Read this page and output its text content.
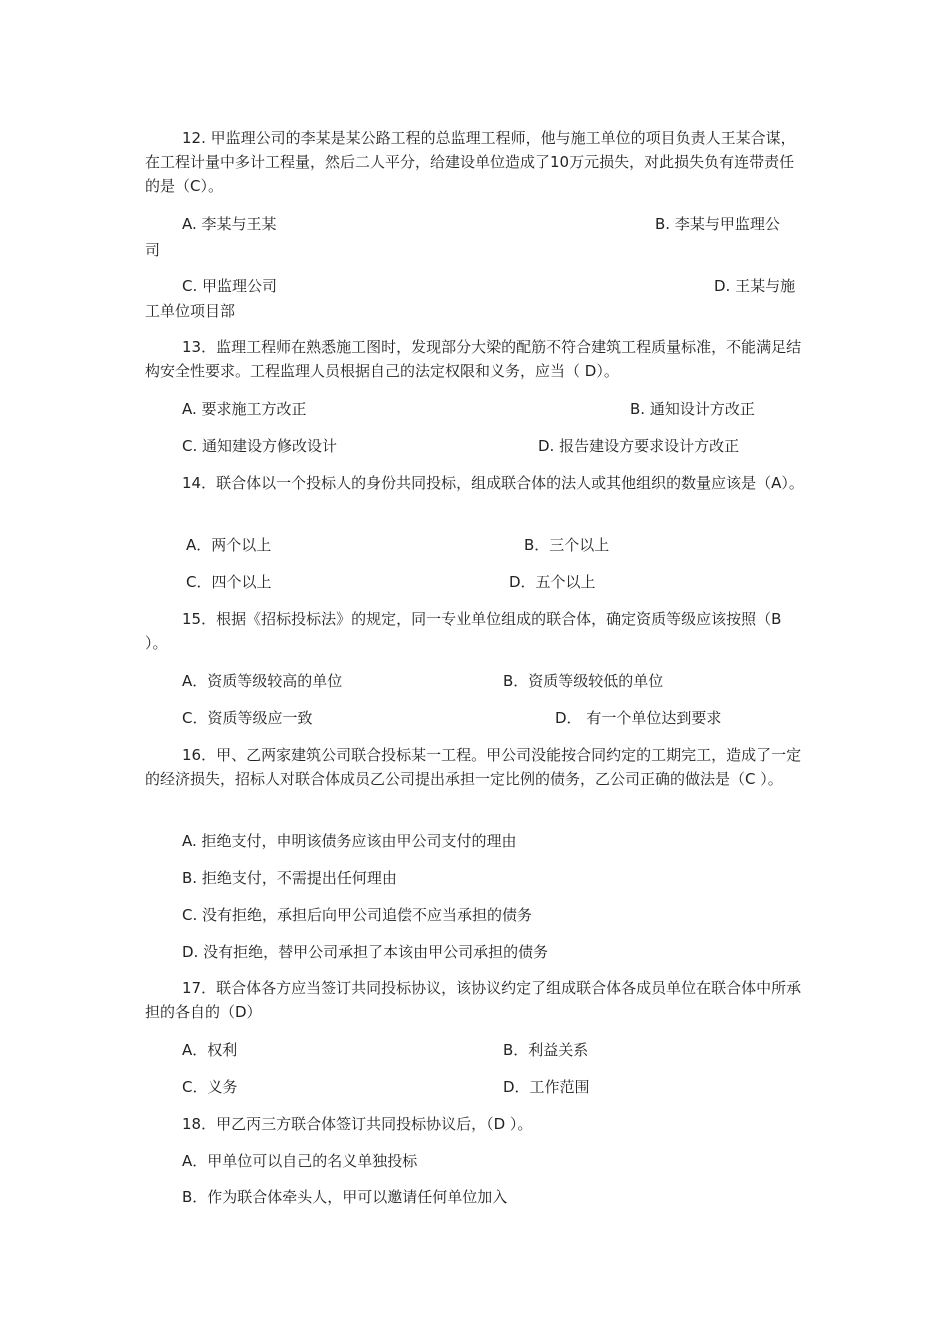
12. 甲监理公司的李某是某公路工程的总监理工程师，他与施工单位的项目负责人王某合谋，在工程计量中多计工程量，然后二人平分，给建设单位造成了10万元损失，对此损失负有连带责任的是（C）。

A. 李某与王某	B. 李某与甲监理公
司
C. 甲监理公司	D. 王某与施
工单位项目部

13．监理工程师在熟悉施工图时，发现部分大梁的配筋不符合建筑工程质量标准，不能满足结构安全性要求。工程监理人员根据自己的法定权限和义务，应当（ D）。

A. 要求施工方改正	B. 通知设计方改正
C. 通知建设方修改设计	D. 报告建设方要求设计方改正

14．联合体以一个投标人的身份共同投标，组成联合体的法人或其他组织的数量应该是（A）。

A．两个以上	B．三个以上
C．四个以上	D．五个以上

15．根据《招标投标法》的规定，同一专业单位组成的联合体，确定资质等级应该按照（B ）。

A．资质等级较高的单位	B．资质等级较低的单位
C．资质等级应一致	D． 有一个单位达到要求

16．甲、乙两家建筑公司联合投标某一工程。甲公司没能按合同约定的工期完工，造成了一定的经济损失，招标人对联合体成员乙公司提出承担一定比例的债务，乙公司正确的做法是（C ）。

A. 拒绝支付，申明该债务应该由甲公司支付的理由
B. 拒绝支付，不需提出任何理由
C. 没有拒绝，承担后向甲公司追偿不应当承担的债务
D. 没有拒绝，替甲公司承担了本该由甲公司承担的债务

17．联合体各方应当签订共同投标协议，该协议约定了组成联合体各成员单位在联合体中所承担的各自的（D）

A．权利	B．利益关系
C．义务	D．工作范围

18．甲乙丙三方联合体签订共同投标协议后，（D ）。

A．甲单位可以自己的名义单独投标
B．作为联合体牵头人，甲可以邀请任何单位加入
